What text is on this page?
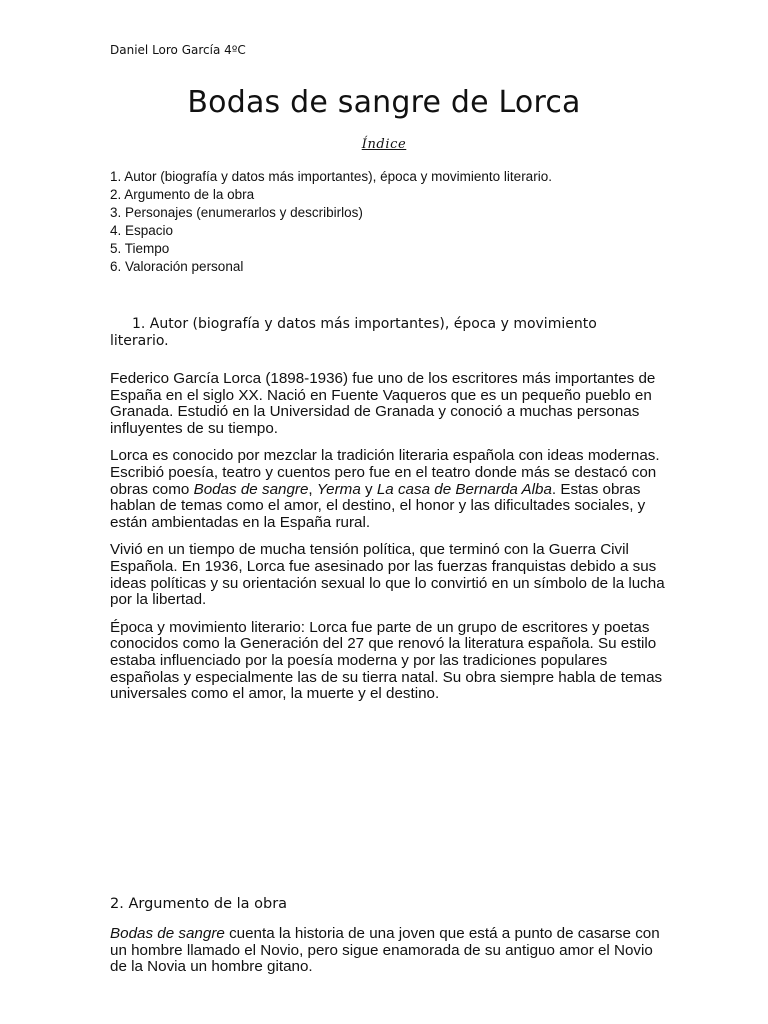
Daniel Loro García 4ºC
Bodas de sangre de Lorca
Índice
1. Autor (biografía y datos más importantes), época y movimiento literario.
2. Argumento de la obra
3. Personajes (enumerarlos y describirlos)
4. Espacio
5. Tiempo
6. Valoración personal
1. Autor (biografía y datos más importantes), época y movimiento literario.

Federico García Lorca (1898-1936) fue uno de los escritores más importantes de España en el siglo XX. Nació en Fuente Vaqueros que es un pequeño pueblo en Granada. Estudió en la Universidad de Granada y conoció a muchas personas influyentes de su tiempo.

Lorca es conocido por mezclar la tradición literaria española con ideas modernas. Escribió poesía, teatro y cuentos pero fue en el teatro donde más se destacó con obras como Bodas de sangre, Yerma y La casa de Bernarda Alba. Estas obras hablan de temas como el amor, el destino, el honor y las dificultades sociales, y están ambientadas en la España rural.

Vivió en un tiempo de mucha tensión política, que terminó con la Guerra Civil Española. En 1936, Lorca fue asesinado por las fuerzas franquistas debido a sus ideas políticas y su orientación sexual lo que lo convirtió en un símbolo de la lucha por la libertad.

Época y movimiento literario: Lorca fue parte de un grupo de escritores y poetas conocidos como la Generación del 27 que renovó la literatura española. Su estilo estaba influenciado por la poesía moderna y por las tradiciones populares españolas y especialmente las de su tierra natal. Su obra siempre habla de temas universales como el amor, la muerte y el destino.

2. Argumento de la obra

Bodas de sangre cuenta la historia de una joven que está a punto de casarse con un hombre llamado el Novio, pero sigue enamorada de su antiguo amor el Novio de la Novia un hombre gitano.
